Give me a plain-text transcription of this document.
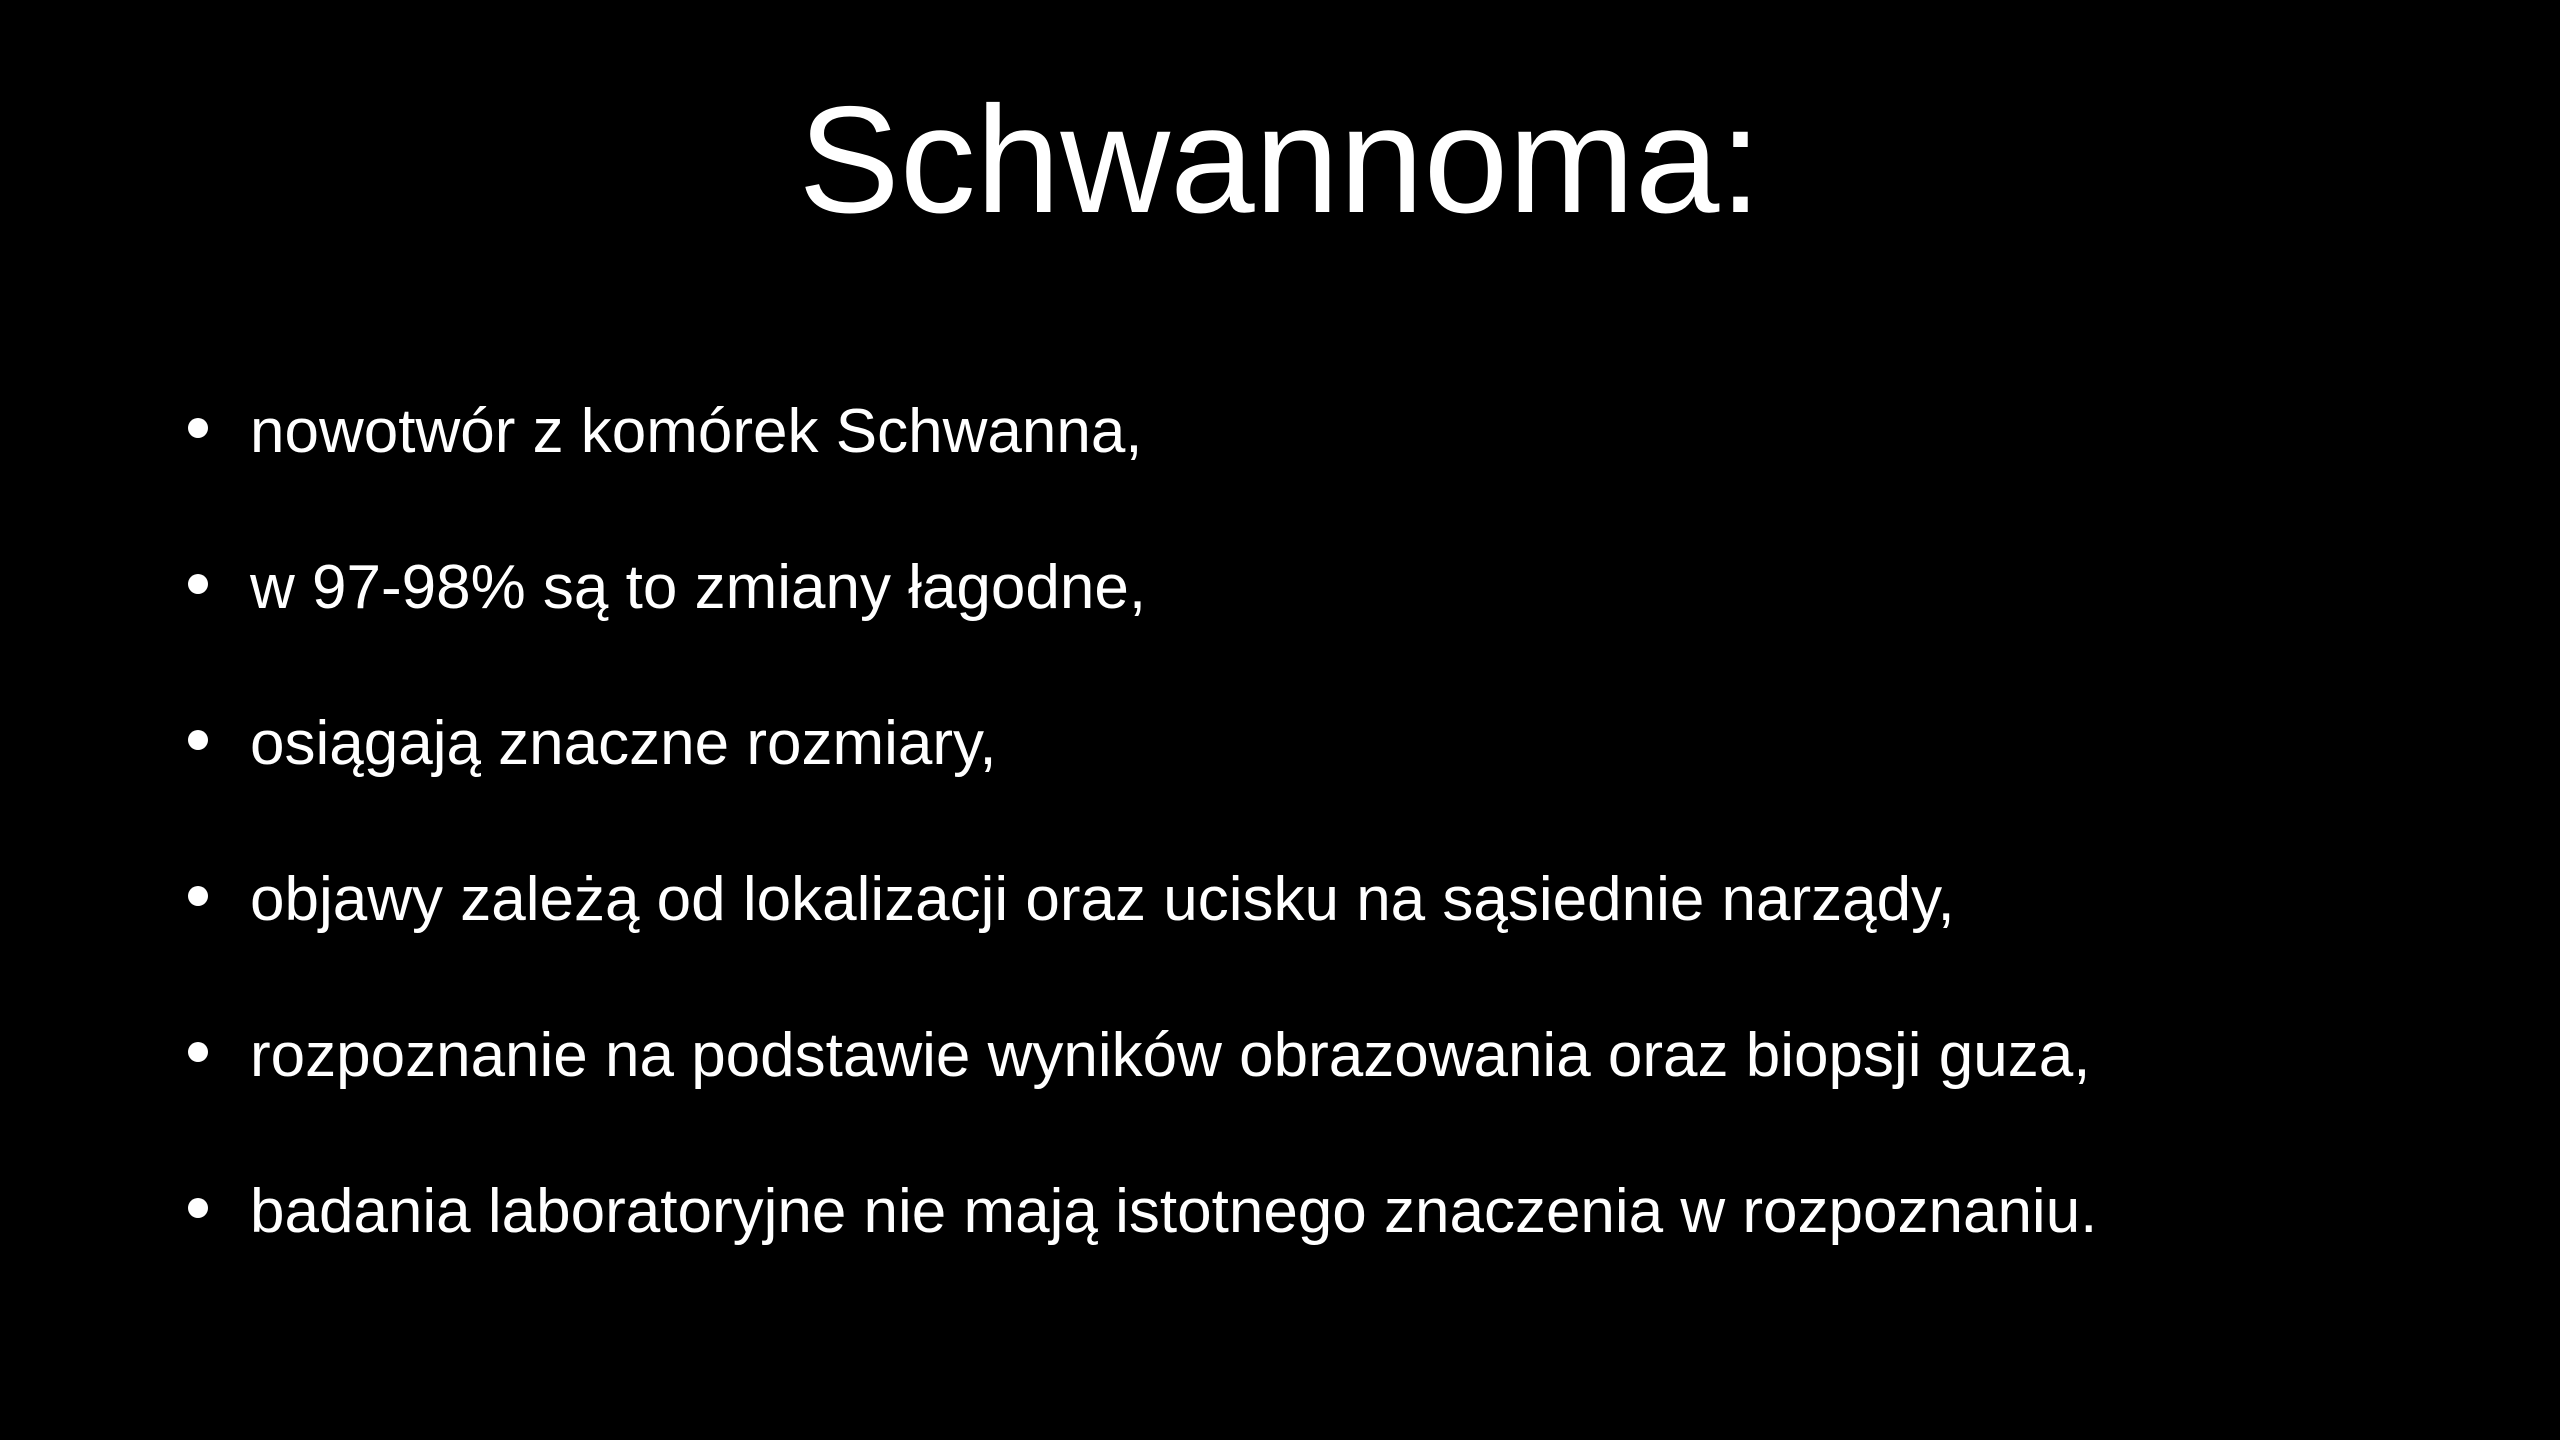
Schwannoma:
nowotwór z komórek Schwanna,
w 97-98% są to zmiany łagodne,
osiągają znaczne rozmiary,
objawy zależą od lokalizacji oraz ucisku na sąsiednie narządy,
rozpoznanie na podstawie wyników obrazowania oraz biopsji guza,
badania laboratoryjne nie mają istotnego znaczenia w rozpoznaniu.
